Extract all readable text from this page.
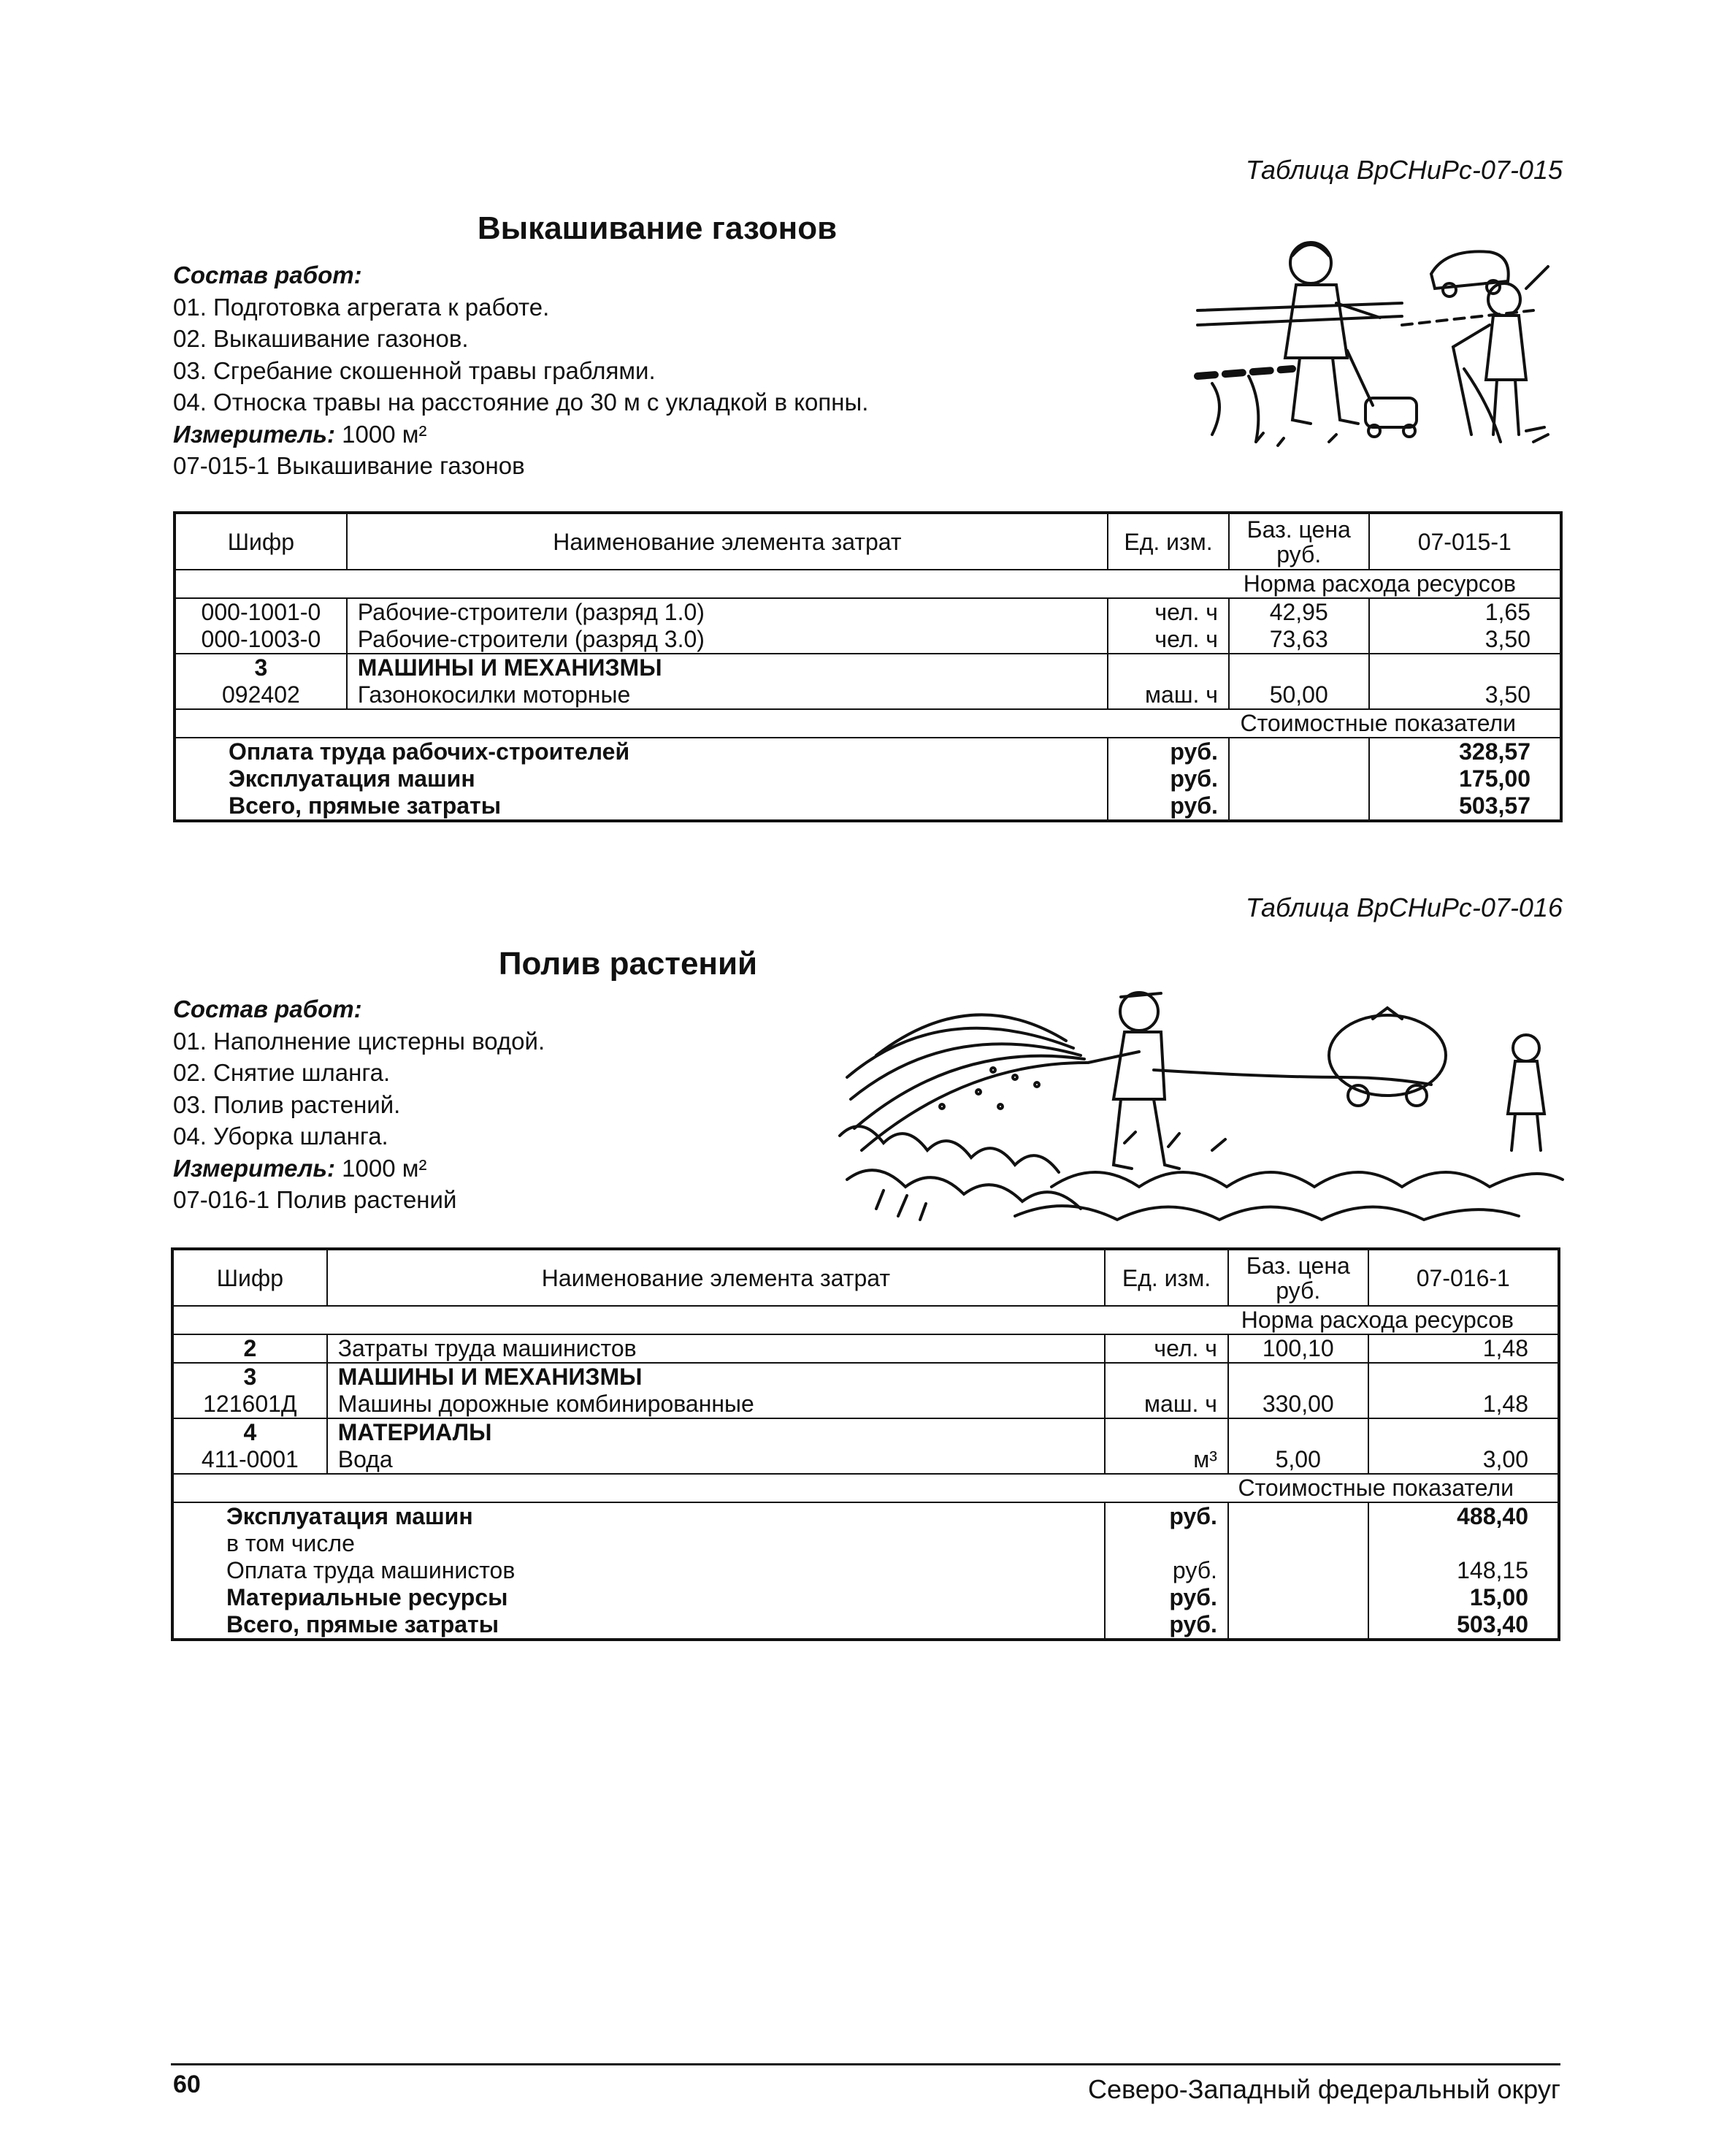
Таблица ВрСНиРс-07-015
Выкашивание газонов
Состав работ:
01. Подготовка агрегата к работе.
02. Выкашивание газонов.
03. Сгребание скошенной травы граблями.
04. Относка травы на расстояние до 30 м с укладкой в копны.
Измеритель: 1000 м²
07-015-1 Выкашивание газонов
Шифр	Наименование элемента затрат	Ед. изм.	Баз. цена руб.	07-015-1
Норма расхода ресурсов				
000-1001-0	Рабочие-строители (разряд 1.0)	чел. ч	42,95	1,65
000-1003-0	Рабочие-строители (разряд 3.0)	чел. ч	73,63	3,50
3	МАШИНЫ И МЕХАНИЗМЫ			
092402	Газонокосилки моторные	маш. ч	50,00	3,50
Стоимостные показатели				
Оплата труда рабочих-строителей		руб.		328,57
Эксплуатация машин		руб.		175,00
Всего, прямые затраты		руб.		503,57
Таблица ВрСНиРс-07-016
Полив растений
Состав работ:
01. Наполнение цистерны водой.
02. Снятие шланга.
03. Полив растений.
04. Уборка шланга.
Измеритель: 1000 м²
07-016-1 Полив растений
Шифр	Наименование элемента затрат	Ед. изм.	Баз. цена руб.	07-016-1
Норма расхода ресурсов				
2	Затраты труда машинистов	чел. ч	100,10	1,48
3	МАШИНЫ И МЕХАНИЗМЫ			
121601Д	Машины дорожные комбинированные	маш. ч	330,00	1,48
4	МАТЕРИАЛЫ			
411-0001	Вода	м³	5,00	3,00
Стоимостные показатели				
Эксплуатация машин		руб.		488,40
в том числе				
Оплата труда машинистов		руб.		148,15
Материальные ресурсы		руб.		15,00
Всего, прямые затраты		руб.		503,40
60	Северо-Западный федеральный округ
